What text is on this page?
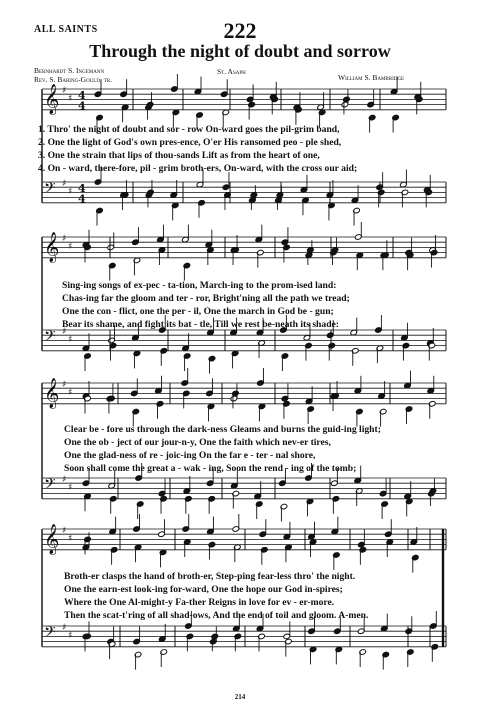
ALL SAINTS	222
Through the night of doubt and sorrow
Bernhardt S. Ingemann
Rev. S. Baring-Gould, tr.
St. Asaph
William S. Bambridge
𝄞 ♯
♯ 4
4
𝄢 ♯
♯ 4
4
𝄞 ♯
♯
𝄢 ♯
♯
𝄞 ♯
♯
𝄢 ♯
♯
𝄞 ♯
♯
𝄢 ♯
♯
1. Thro' the night of doubt and sor - row On-ward goes the pil-grim band,
2. One the light of God's own pres-ence, O'er His ransomed peo - ple shed,
3. One the strain that lips of thou-sands Lift as from the heart of one,
4. On - ward, there-fore, pil - grim broth-ers, On-ward, with the cross our aid;
Sing-ing songs of ex-pec - ta-tion, March-ing to the prom-ised land:
Chas-ing far the gloom and ter - ror, Bright'ning all the path we tread;
One the con - flict, one the per - il, One the march in God be - gun;
Bear its shame, and fight its bat - tle, Till we rest be-neath its shade:
Clear be - fore us through the dark-ness Gleams and burns the guid-ing light;
One the ob - ject of our jour-n-y, One the faith which nev-er tires,
One the glad-ness of re - joic-ing On the far e - ter - nal shore,
Soon shall come the great a - wak - ing, Soon the rend - ing of the tomb;
Broth-er clasps the hand of broth-er, Step-ping fear-less thro' the night.
One the earn-est look-ing for-ward, One the hope our God in-spires;
Where the One Al-might-y Fa-ther Reigns in love for ev - er-more.
Then the scat-t'ring of all shad-ows, And the end of toil and gloom. A-men.
214
